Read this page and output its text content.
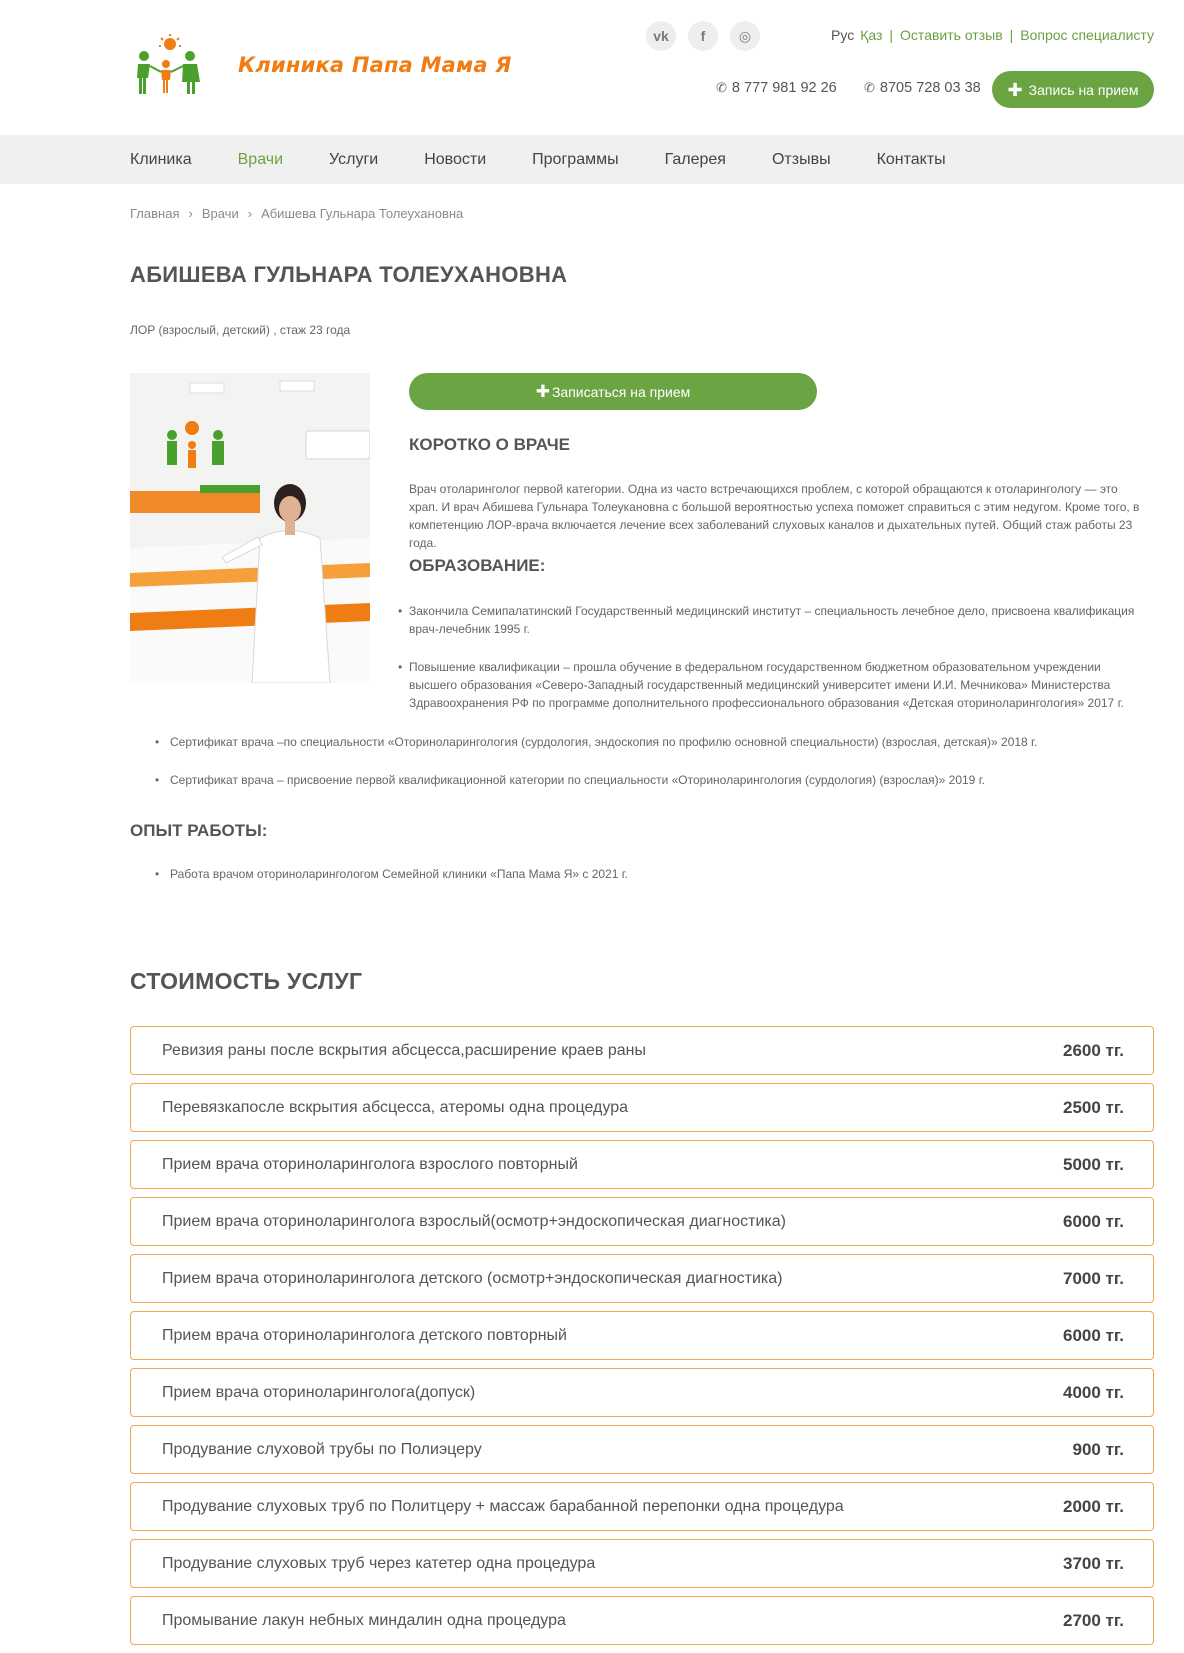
Клиника Папа Мама Я
vk	f	◎	Рус Қаз | Оставить отзыв | Вопрос специалисту
✆ 8 777 981 92 26 ✆ 8705 728 03 38 ✚ Запись на прием
Клиника	Врачи	Услуги	Новости	Программы	Галерея	Отзывы	Контакты
Главная › Врачи › Абишева Гульнара Толеухановна
АБИШЕВА ГУЛЬНАРА ТОЛЕУХАНОВНА
ЛОР (взрослый, детский) , стаж 23 года
✚ Записаться на прием
КОРОТКО О ВРАЧЕ

Врач отоларинголог первой категории. Одна из часто встречающихся проблем, с которой обращаются к отоларингологу — это храп. И врач Абишева Гульнара Толеукановна с большой вероятностью успеха поможет справиться с этим недугом. Кроме того, в компетенцию ЛОР-врача включается лечение всех заболеваний слуховых каналов и дыхательных путей. Общий стаж работы 23 года.

ОБРАЗОВАНИЕ:
• Закончила Семипалатинский Государственный медицинский институт – специальность лечебное дело, присвоена квалификация врач-лечебник 1995 г.
• Повышение квалификации – прошла обучение в федеральном государственном бюджетном образовательном учреждении высшего образования «Северо-Западный государственный медицинский университет имени И.И. Мечникова» Министерства Здравоохранения РФ по программе дополнительного профессионального образования «Детская оториноларингология» 2017 г.
• Сертификат врача –по специальности «Оториноларингология (сурдология, эндоскопия по профилю основной специальности) (взрослая, детская)» 2018 г.
• Сертификат врача – присвоение первой квалификационной категории по специальности «Оториноларингология (сурдология) (взрослая)» 2019 г.
ОПЫТ РАБОТЫ:
• Работа врачом оториноларингологом Семейной клиники «Папа Мама Я» с 2021 г.
СТОИМОСТЬ УСЛУГ
Ревизия раны после вскрытия абсцесса,расширение краев раны	2600 тг.
Перевязкапосле вскрытия абсцесса, атеромы одна процедура	2500 тг.
Прием врача оториноларинголога взрослого повторный	5000 тг.
Прием врача оториноларинголога взрослый(осмотр+эндоскопическая диагностика)	6000 тг.
Прием врача оториноларинголога детского (осмотр+эндоскопическая диагностика)	7000 тг.
Прием врача оториноларинголога детского повторный	6000 тг.
Прием врача оториноларинголога(допуск)	4000 тг.
Продувание слуховой трубы по Полиэцеру	900 тг.
Продувание слуховых труб по Политцеру + массаж барабанной перепонки одна процедура	2000 тг.
Продувание слуховых труб через катетер одна процедура	3700 тг.
Промывание лакун небных миндалин одна процедура	2700 тг.
